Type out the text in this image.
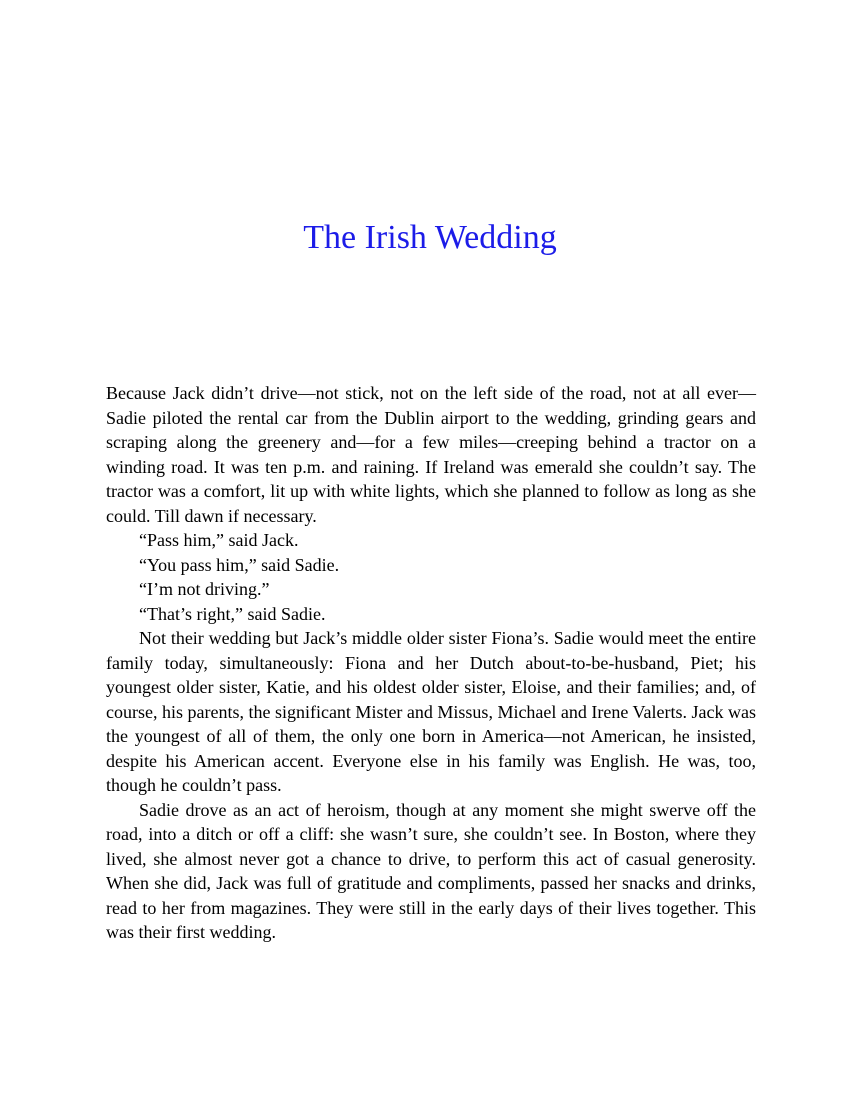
The Irish Wedding

Because Jack didn’t drive—not stick, not on the left side of the road, not at all ever—Sadie piloted the rental car from the Dublin airport to the wedding, grinding gears and scraping along the greenery and—for a few miles—creeping behind a tractor on a winding road. It was ten p.m. and raining. If Ireland was emerald she couldn’t say. The tractor was a comfort, lit up with white lights, which she planned to follow as long as she could. Till dawn if necessary.

“Pass him,” said Jack.

“You pass him,” said Sadie.

“I’m not driving.”

“That’s right,” said Sadie.

Not their wedding but Jack’s middle older sister Fiona’s. Sadie would meet the entire family today, simultaneously: Fiona and her Dutch about-to-be-husband, Piet; his youngest older sister, Katie, and his oldest older sister, Eloise, and their families; and, of course, his parents, the significant Mister and Missus, Michael and Irene Valerts. Jack was the youngest of all of them, the only one born in America—not American, he insisted, despite his American accent. Everyone else in his family was English. He was, too, though he couldn’t pass.

Sadie drove as an act of heroism, though at any moment she might swerve off the road, into a ditch or off a cliff: she wasn’t sure, she couldn’t see. In Boston, where they lived, she almost never got a chance to drive, to perform this act of casual generosity. When she did, Jack was full of gratitude and compliments, passed her snacks and drinks, read to her from magazines. They were still in the early days of their lives together. This was their first wedding.
